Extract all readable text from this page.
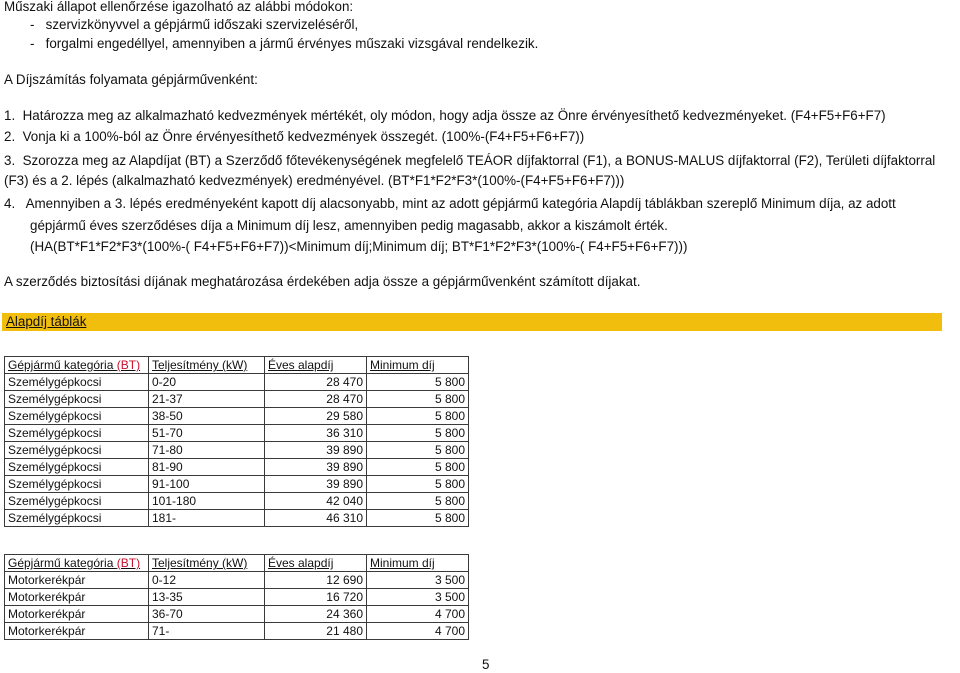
Műszaki állapot ellenőrzése igazolható az alábbi módokon:
-   szervizkönyvvel a gépjármű időszaki szervizeléséről,
-   forgalmi engedéllyel, amennyiben a jármű érvényes műszaki vizsgával rendelkezik.
A Díjszámítás folyamata gépjárművenként:
1.  Határozza meg az alkalmazható kedvezmények mértékét, oly módon, hogy adja össze az Önre érvényesíthető kedvezményeket. (F4+F5+F6+F7)
2.  Vonja ki a 100%-ból az Önre érvényesíthető kedvezmények összegét. (100%-(F4+F5+F6+F7))
3.  Szorozza meg az Alapdíjat (BT) a Szerződő főtevékenységének megfelelő TEÁOR díjfaktorral (F1), a BONUS-MALUS díjfaktorral (F2), Területi díjfaktorral
(F3) és a 2. lépés (alkalmazható kedvezmények) eredményével. (BT*F1*F2*F3*(100%-(F4+F5+F6+F7)))
4.   Amennyiben a 3. lépés eredményeként kapott díj alacsonyabb, mint az adott gépjármű kategória Alapdíj táblákban szereplő Minimum díja, az adott
gépjármű éves szerződéses díja a Minimum díj lesz, amennyiben pedig magasabb, akkor a kiszámolt érték.
(HA(BT*F1*F2*F3*(100%-( F4+F5+F6+F7))<Minimum díj;Minimum díj; BT*F1*F2*F3*(100%-( F4+F5+F6+F7)))
A szerződés biztosítási díjának meghatározása érdekében adja össze a gépjárművenként számított díjakat.
Alapdíj táblák
Gépjármű kategória (BT)	Teljesítmény (kW)	Éves alapdíj	Minimum díj
Személygépkocsi	0-20	28 470	5 800
Személygépkocsi	21-37	28 470	5 800
Személygépkocsi	38-50	29 580	5 800
Személygépkocsi	51-70	36 310	5 800
Személygépkocsi	71-80	39 890	5 800
Személygépkocsi	81-90	39 890	5 800
Személygépkocsi	91-100	39 890	5 800
Személygépkocsi	101-180	42 040	5 800
Személygépkocsi	181-	46 310	5 800
Gépjármű kategória (BT)	Teljesítmény (kW)	Éves alapdíj	Minimum díj
Motorkerékpár	0-12	12 690	3 500
Motorkerékpár	13-35	16 720	3 500
Motorkerékpár	36-70	24 360	4 700
Motorkerékpár	71-	21 480	4 700
5
